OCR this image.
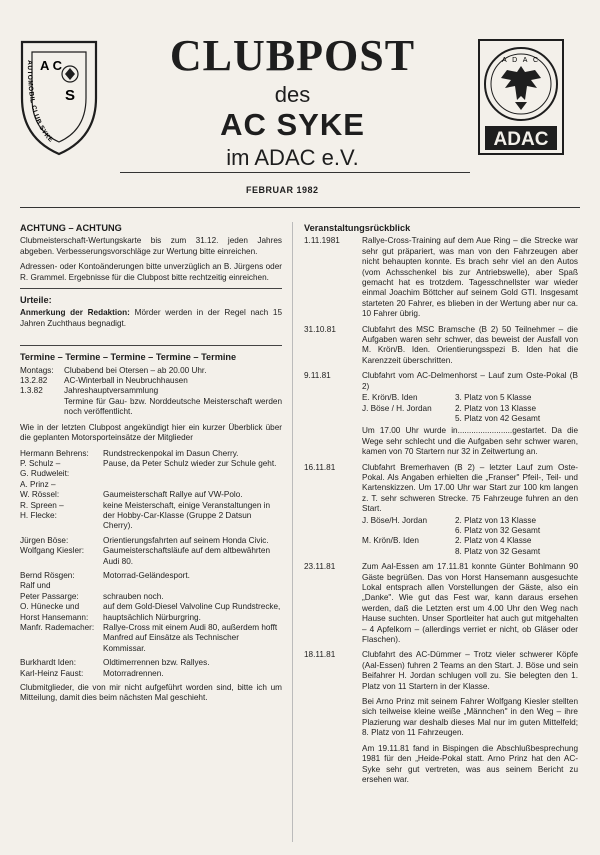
A C
S
AUTOMOBIL CLUB SYKE
CLUBPOST
des
AC SYKE
im ADAC e.V.
A D A C
ADAC
FEBRUAR 1982
ACHTUNG – ACHTUNG

Clubmeisterschaft-Wertungskarte bis zum 31.12. jeden Jahres abgeben. Verbesserungsvorschläge zur Wertung bitte einreichen.

Adressen- oder Kontoänderungen bitte unverzüglich an B. Jürgens oder R. Grammel. Ergebnisse für die Clubpost bitte rechtzeitig einreichen.

Urteile:

Anmerkung der Redaktion: Mörder werden in der Regel nach 15 Jahren Zuchthaus begnadigt.

Termine – Termine – Termine – Termine – Termine
Montags:	Clubabend bei Otersen – ab 20.00 Uhr.
13.2.82	AC-Winterball in Neubruchhausen
1.3.82	Jahreshauptversammlung

Termine für Gau- bzw. Norddeutsche Meisterschaft werden noch veröffentlicht.

Wie in der letzten Clubpost angekündigt hier ein kurzer Überblick über die geplanten Motorsporteinsätze der Mitglieder

Hermann Behrens:	Rundstreckenpokal im Dasun Cherry.
P. Schulz –
G. Rudweleit:
Pause, da Peter Schulz wieder zur Schule geht.
A. Prinz –
W. Rössel:	Gaumeisterschaft Rallye auf VW-Polo.
R. Spreen –
H. Flecke:
keine Meisterschaft, einige Veranstaltungen in der Hobby-Car-Klasse (Gruppe 2 Datsun Cherry).
Jürgen Böse:	Orientierungsfahrten auf seinem Honda Civic.
Wolfgang Kiesler:	Gaumeisterschaftsläufe auf dem altbewährten Audi 80.
Bernd Rösgen:	Motorrad-Geländesport.
Ralf und
Peter Passarge:	
schrauben noch.
O. Hünecke und
Horst Hansemann:
auf dem Gold-Diesel Valvoline Cup Rundstrecke, hauptsächlich Nürburgring.
Manfr. Rademacher:	Rallye-Cross mit einem Audi 80, außerdem hofft Manfred auf Einsätze als Technischer Kommissar.
Burkhardt Iden:	Oldtimerrennen bzw. Rallyes.
Karl-Heinz Faust:	Motorradrennen.

Clubmitglieder, die von mir nicht aufgeführt worden sind, bitte ich um Mitteilung, damit dies beim nächsten Mal geschieht.

Veranstaltungsrückblick
1.11.1981	Rallye-Cross-Training auf dem Aue Ring – die Strecke war sehr gut präpariert, was man von den Fahrzeugen aber nicht behaupten konnte. Es brach sehr viel an den Autos (vom Achsschenkel bis zur Antriebswelle), aber Spaß gemacht hat es trotzdem. Tagesschnellster war wieder einmal Joachim Böttcher auf seinem Gold GTI. Insgesamt starteten 20 Fahrer, es blieben in der Wertung aber nur ca. 10 Fahrer übrig.

31.10.81	Clubfahrt des MSC Bramsche (B 2) 50 Teilnehmer – die Aufgaben waren sehr schwer, das beweist der Ausfall von M. Krön/B. Iden. Orientierungsspezi B. Iden hat die Karenzzeit überschritten.

9.11.81	Clubfahrt vom AC-Delmenhorst – Lauf zum Oste-Pokal (B 2)

E. Krön/B. Iden	3. Platz von 5 Klasse
J. Böse / H. Jordan	2. Platz von 13 Klasse
5. Platz von 42 Gesamt

Um 17.00 Uhr wurde in........................gestartet. Da die Wege sehr schlecht und die Aufgaben sehr schwer waren, kamen von 70 Startern nur 32 in Zeitwertung an.

16.11.81	Clubfahrt Bremerhaven (B 2) – letzter Lauf zum Oste-Pokal. Als Angaben erhielten die „Franser" Pfeil-, Teil- und Kartenskizzen. Um 17.00 Uhr war Start zur 100 km langen z. T. sehr schweren Strecke. 75 Fahrzeuge fuhren an den Start.

J. Böse/H. Jordan	2. Platz von 13 Klasse
6. Platz von 32 Gesamt
M. Krön/B. Iden	2. Platz von 4 Klasse
8. Platz von 32 Gesamt
23.11.81	Zum Aal-Essen am 17.11.81 konnte Günter Bohlmann 90 Gäste begrüßen. Das von Horst Hansemann ausgesuchte Lokal entsprach allen Vorstellungen der Gäste, also ein „Danke". Wie gut das Fest war, kann daraus ersehen werden, daß die Letzten erst um 4.00 Uhr den Weg nach Hause suchten. Unser Sportleiter hat auch gut mitgehalten – 4 Apfelkorn – (allerdings verriet er nicht, ob Gläser oder Flaschen).

18.11.81	Clubfahrt des AC-Dümmer – Trotz vieler schwerer Köpfe (Aal-Essen) fuhren 2 Teams an den Start. J. Böse und sein Beifahrer H. Jordan schlugen voll zu. Sie belegten den 1. Platz von 11 Startern in der Klasse.

Bei Arno Prinz mit seinem Fahrer Wolfgang Kiesler stellten sich teilweise kleine weiße „Männchen" in den Weg – ihre Plazierung war deshalb dieses Mal nur im guten Mittelfeld; 8. Platz von 11 Fahrzeugen.

Am 19.11.81 fand in Bispingen die Abschlußbesprechung 1981 für den „Heide-Pokal statt. Arno Prinz hat den AC-Syke sehr gut vertreten, was aus seinem Bericht zu ersehen war.
